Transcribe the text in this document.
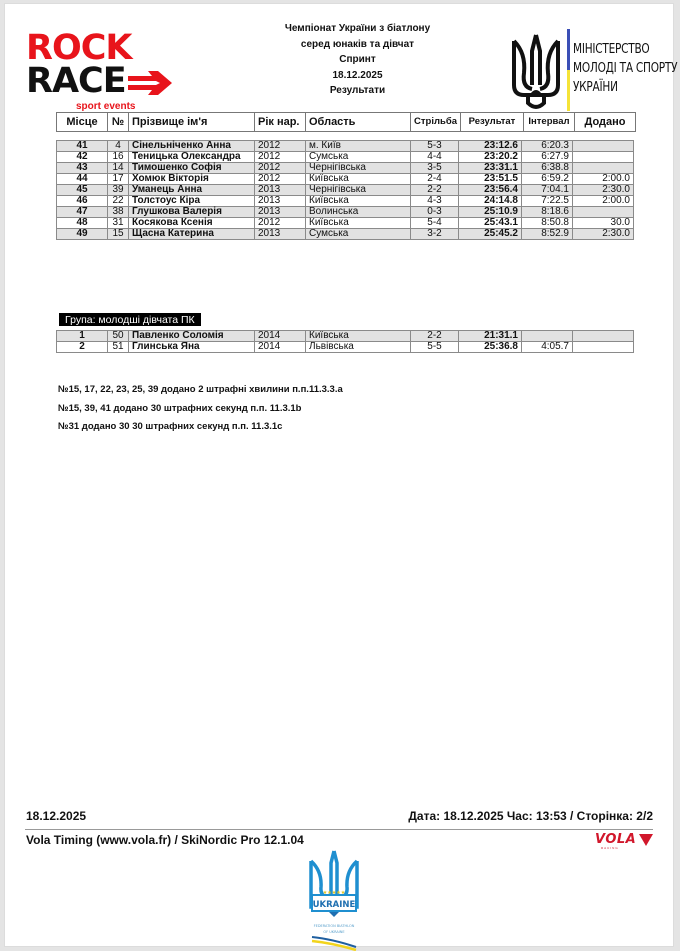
ROCK
RACE
sport events
Чемпіонат України з біатлону
серед юнаків та дівчат
Спринт
18.12.2025
Результати
МІНІСТЕРСТВО
МОЛОДІ ТА СПОРТУ
УКРАЇНИ
Місце	№	Прізвище ім'я	Рік нар.	Область	Стрільба	Результат	Інтервал	Додано
41	4	Сінельніченко Анна	2012	м. Київ	5-3	23:12.6	6:20.3	
42	16	Теницька Олександра	2012	Сумська	4-4	23:20.2	6:27.9	
43	14	Тимошенко Софія	2012	Чернігівська	3-5	23:31.1	6:38.8	
44	17	Хомюк Вікторія	2012	Київська	2-4	23:51.5	6:59.2	2:00.0
45	39	Уманець Анна	2013	Чернігівська	2-2	23:56.4	7:04.1	2:30.0
46	22	Толстоус Кіра	2013	Київська	4-3	24:14.8	7:22.5	2:00.0
47	38	Глушкова Валерія	2013	Волинська	0-3	25:10.9	8:18.6	
48	31	Косякова Ксенія	2012	Київська	5-4	25:43.1	8:50.8	30.0
49	15	Щасна Катерина	2013	Сумська	3-2	25:45.2	8:52.9	2:30.0
Група: молодші дівчата ПК
1	50	Павленко Соломія	2014	Київська	2-2	21:31.1		
2	51	Глинська Яна	2014	Львівська	5-5	25:36.8	4:05.7	
№15, 17, 22, 23, 25, 39 додано 2 штрафні хвилини п.п.11.3.3.а
№15, 39, 41 додано 30 штрафних секунд п.п. 11.3.1b
№31 додано 30 30 штрафних секунд п.п. 11.3.1c
18.12.2025	Дата: 18.12.2025 Час: 13:53 / Сторінка: 2/2
Vola Timing (www.vola.fr) / SkiNordic Pro 12.1.04	VOLA
RACING
★★★★★
UKRAINE
FEDERATION BIATHLON
OF UKRAINE
